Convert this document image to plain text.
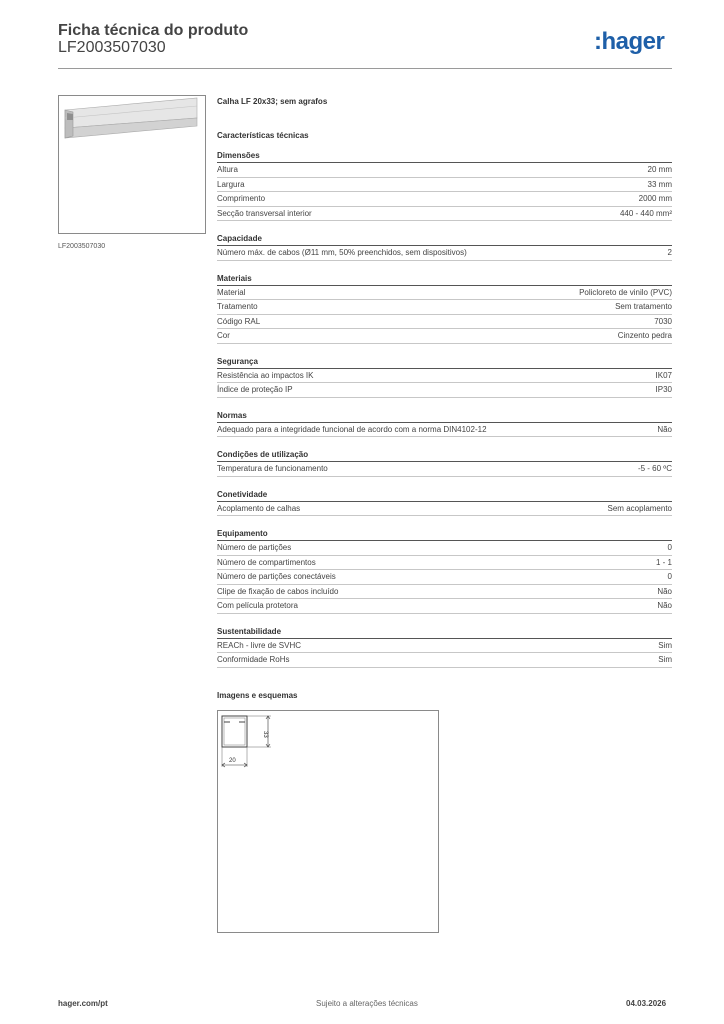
Ficha técnica do produto
LF2003507030	:hager
LF2003507030
Calha LF 20x33; sem agrafos
Características técnicas
Dimensões
Altura	20 mm
Largura	33 mm
Comprimento	2000 mm
Secção transversal interior	440 - 440 mm²
Capacidade
Número máx. de cabos (Ø11 mm, 50% preenchidos, sem dispositivos)	2
Materiais
Material	Policloreto de vinilo (PVC)
Tratamento	Sem tratamento
Código RAL	7030
Cor	Cinzento pedra
Segurança
Resistência ao impactos IK	IK07
Índice de proteção IP	IP30
Normas
Adequado para a integridade funcional de acordo com a norma DIN4102-12	Não
Condições de utilização
Temperatura de funcionamento	-5 - 60 ºC
Conetividade
Acoplamento de calhas	Sem acoplamento
Equipamento
Número de partições	0
Número de compartimentos	1 - 1
Número de partições conectáveis	0
Clipe de fixação de cabos incluído	Não
Com película protetora	Não
Sustentabilidade
REACh - livre de SVHC	Sim
Conformidade RoHs	Sim
Imagens e esquemas
33
20
hager.com/pt	Sujeito a alterações técnicas	04.03.2026
